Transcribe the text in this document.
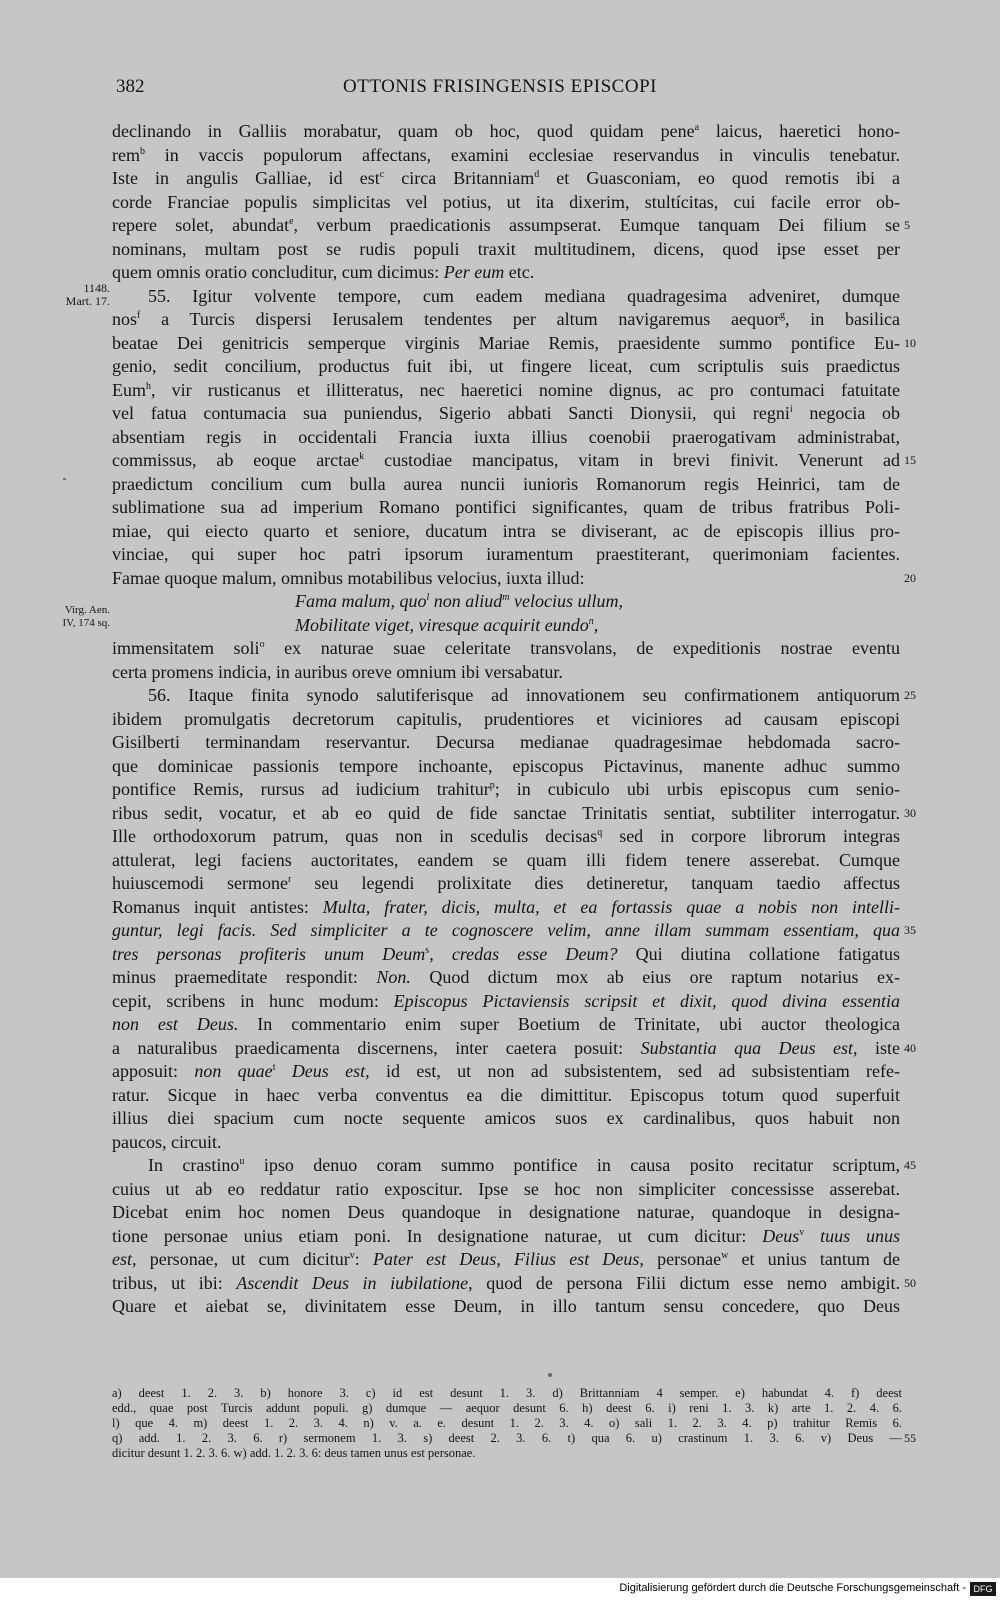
382	OTTONIS FRISINGENSIS EPISCOPI
1148.
Mart. 17.
Virg. Aen.
IV, 174 sq.
declinando in Galliis morabatur, quam ob hoc, quod quidam pene$^a$ laicus, haeretici hono-
rem$^b$ in vaccis populorum affectans, examini ecclesiae reservandus in vinculis tenebatur.
Iste in angulis Galliae, id est$^c$ circa Britanniam$^d$ et Guasconiam, eo quod remotis ibi a
corde Franciae populis simplicitas vel potius, ut ita dixerim, stultícitas, cui facile error ob-
repere solet, abundat$^e$, verbum praedicationis assumpserat. Eumque tanquam Dei filium se 5
nominans, multam post se rudis populi traxit multitudinem, dicens, quod ipse esset per
quem omnis oratio concluditur, cum dicimus: Per eum etc.
55. Igitur volvente tempore, cum eadem mediana quadragesima adveniret, dumque
nos$^f$ a Turcis dispersi Ierusalem tendentes per altum navigaremus aequor$^g$, in basilica
beatae Dei genitricis semperque virginis Mariae Remis, praesidente summo pontifice Eu- 10
genio, sedit concilium, productus fuit ibi, ut fingere liceat, cum scriptulis suis praedictus
Eum$^h$, vir rusticanus et illitteratus, nec haeretici nomine dignus, ac pro contumaci fatuitate
vel fatua contumacia sua puniendus, Sigerio abbati Sancti Dionysii, qui regni$^i$ negocia ob
absentiam regis in occidentali Francia iuxta illius coenobii praerogativam administrabat,
commissus, ab eoque arctae$^k$ custodiae mancipatus, vitam in brevi finivit. Venerunt ad 15
praedictum concilium cum bulla aurea nuncii iunioris Romanorum regis Heinrici, tam de
sublimatione sua ad imperium Romano pontifici significantes, quam de tribus fratribus Poli-
miae, qui eiecto quarto et seniore, ducatum intra se diviserant, ac de episcopis illius pro-
vinciae, qui super hoc patri ipsorum iuramentum praestiterant, querimoniam facientes.
Famae quoque malum, omnibus motabilibus velocius, iuxta illud:	20
Fama malum, quo$^l$ non aliud$^m$ velocius ullum,
Mobilitate viget, viresque acquirit eundo$^n$,
immensitatem soli$^o$ ex naturae suae celeritate transvolans, de expeditionis nostrae eventu
certa promens indicia, in auribus oreve omnium ibi versabatur.
56. Itaque finita synodo salutiferisque ad innovationem seu confirmationem antiquorum 25
ibidem promulgatis decretorum capitulis, prudentiores et viciniores ad causam episcopi
Gisilberti terminandam reservantur. Decursa medianae quadragesimae hebdomada sacro-
que dominicae passionis tempore inchoante, episcopus Pictavinus, manente adhuc summo
pontifice Remis, rursus ad iudicium trahitur$^p$; in cubiculo ubi urbis episcopus cum senio-
ribus sedit, vocatur, et ab eo quid de fide sanctae Trinitatis sentiat, subtiliter interrogatur. 30
Ille orthodoxorum patrum, quas non in scedulis decisas$^q$ sed in corpore librorum integras
attulerat, legi faciens auctoritates, eandem se quam illi fidem tenere asserebat. Cumque
huiuscemodi sermone$^r$ seu legendi prolixitate dies detineretur, tanquam taedio affectus
Romanus inquit antistes: Multa, frater, dicis, multa, et ea fortassis quae a nobis non intelli-
guntur, legi facis. Sed simpliciter a te cognoscere velim, anne illam summam essentiam, qua 35
tres personas profiteris unum Deum$^s$, credas esse Deum? Qui diutina collatione fatigatus
minus praemeditate respondit: Non. Quod dictum mox ab eius ore raptum notarius ex-
cepit, scribens in hunc modum: Episcopus Pictaviensis scripsit et dixit, quod divina essentia
non est Deus. In commentario enim super Boetium de Trinitate, ubi auctor theologica
a naturalibus praedicamenta discernens, inter caetera posuit: Substantia qua Deus est, iste 40
apposuit: non quae$^t$ Deus est, id est, ut non ad subsistentem, sed ad subsistentiam refe-
ratur. Sicque in haec verba conventus ea die dimittitur. Episcopus totum quod superfuit
illius diei spacium cum nocte sequente amicos suos ex cardinalibus, quos habuit non
paucos, circuit.
In crastino$^u$ ipso denuo coram summo pontifice in causa posito recitatur scriptum, 45
cuius ut ab eo reddatur ratio exposcitur. Ipse se hoc non simpliciter concessisse asserebat.
Dicebat enim hoc nomen Deus quandoque in designatione naturae, quandoque in designa-
tione personae unius etiam poni. In designatione naturae, ut cum dicitur: Deus$^v$ tuus unus
est, personae, ut cum dicitur$^v$: Pater est Deus, Filius est Deus, personae$^w$ et unius tantum de
tribus, ut ibi: Ascendit Deus in iubilatione, quod de persona Filii dictum esse nemo ambigit. 50
Quare et aiebat se, divinitatem esse Deum, in illo tantum sensu concedere, quo Deus
a) deest 1. 2. 3. b) honore 3. c) id est desunt 1. 3. d) Brittanniam 4 semper. e) habundat 4. f) deest
edd., quae post Turcis addunt populi. g) dumque — aequor desunt 6. h) deest 6. i) reni 1. 3. k) arte 1. 2. 4. 6.
l) que 4. m) deest 1. 2. 3. 4. n) v. a. e. desunt 1. 2. 3. 4. o) sali 1. 2. 3. 4. p) trahitur Remis 6.
q) add. 1. 2. 3. 6. r) sermonem 1. 3. s) deest 2. 3. 6. t) qua 6. u) crastinum 1. 3. 6. v) Deus — 55
dicitur desunt 1. 2. 3. 6. w) add. 1. 2. 3. 6: deus tamen unus est personae.
Digitalisierung gefördert durch die Deutsche Forschungsgemeinschaft - DFG
